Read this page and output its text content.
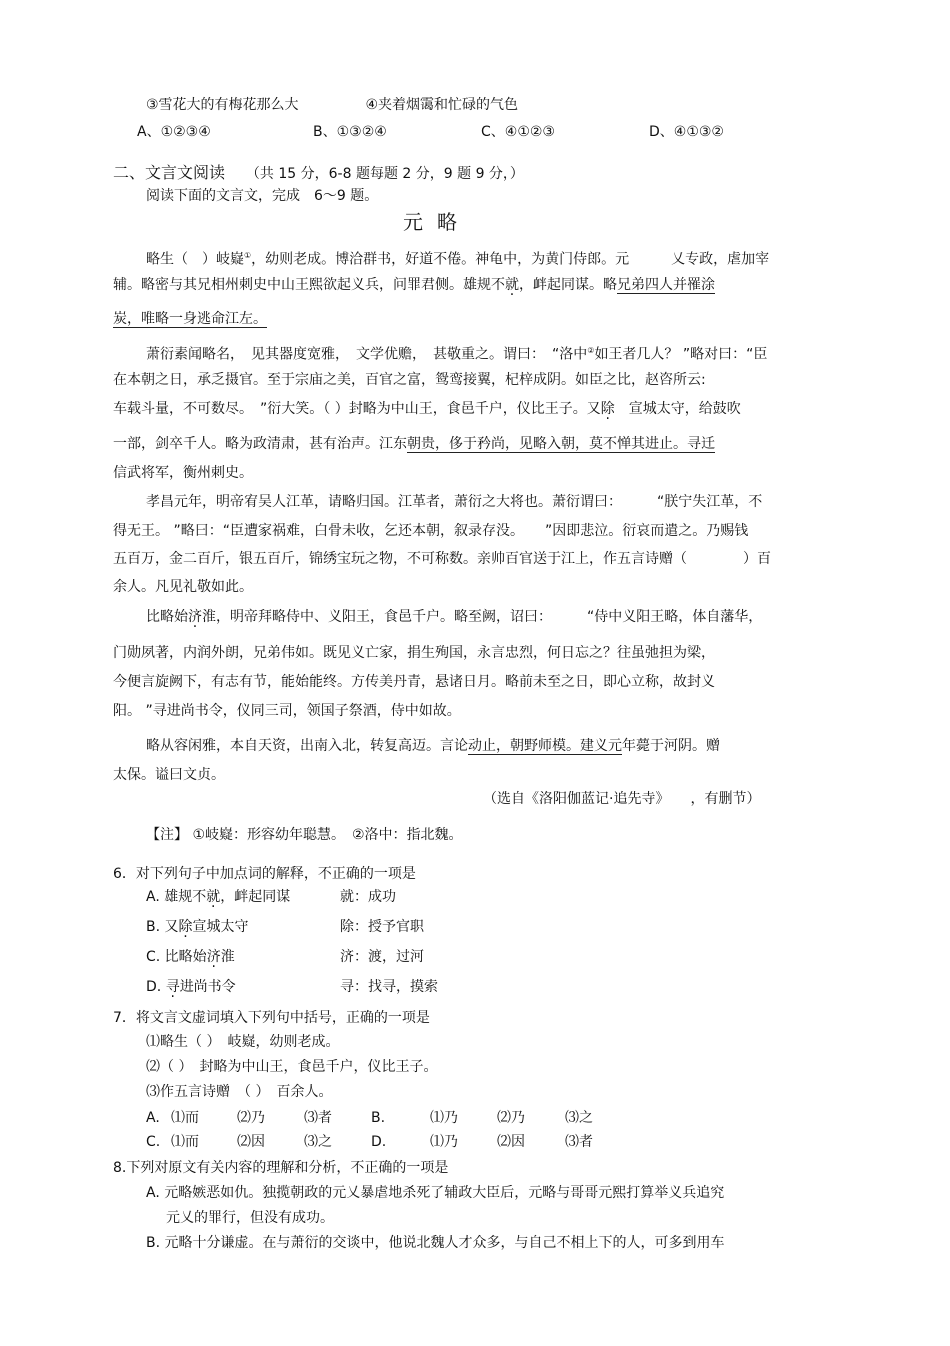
③雪花大的有梅花那么大	④夹着烟霭和忙碌的气色
A、①②③④	B、①③②④	C、④①②③	D、④①③②
二、文言文阅读 （共 15 分，6-8 题每题 2 分，9 题 9 分，）
阅读下面的文言文，完成　6～9 题。
元略
略生（　）岐嶷①，幼则老成。博洽群书，好道不倦。神龟中，为黄门侍郎。元　　　乂专政，虐加宰
辅。略密与其兄相州刺史中山王熙欲起义兵，问罪君侧。雄规不就，衅起同谋。略兄弟四人并罹涂
炭，唯略一身逃命江左。
萧衍素闻略名，　见其器度宽雅，　文学优赡，　甚敬重之。谓曰：　“洛中②如王者几人？ ”略对曰：“臣
在本朝之日，承乏摄官。至于宗庙之美，百官之富，鸳鸾接翼，杞梓成阴。如臣之比，赵咨所云:
车载斗量，不可数尽。　”衍大笑。（ ）封略为中山王，食邑千户，仪比王子。又除　宣城太守，给鼓吹
一部，剑卒千人。略为政清肃，甚有治声。江东朝贵，侈于矜尚，见略入朝，莫不惮其进止。寻迁
信武将军，衡州刺史。
孝昌元年，明帝宥吴人江革，请略归国。江革者，萧衍之大将也。萧衍谓曰：　　　“朕宁失江革，不
得无王。 ”略曰：“臣遭家祸难，白骨未收，乞还本朝，叙录存没。　　”因即悲泣。衍哀而遣之。乃赐钱
五百万，金二百斤，银五百斤，锦绣宝玩之物，不可称数。亲帅百官送于江上，作五言诗赠（　　　　）百
余人。凡见礼敬如此。
比略始济淮，明帝拜略侍中、义阳王，食邑千户。略至阙，诏曰：　　　“侍中义阳王略，体自藩华，
门勋夙著，内润外朗，兄弟伟如。既见义亡家，捐生殉国，永言忠烈，何日忘之？往虽弛担为梁，
今便言旋阙下，有志有节，能始能终。方传美丹青，悬诸日月。略前未至之日，即心立称，故封义
阳。 ”寻进尚书令，仪同三司，领国子祭酒，侍中如故。
略从容闲雅，本自天资，出南入北，转复高迈。言论动止，朝野师模。建义元年薨于河阴。赠
太保。谥曰文贞。
（选自《洛阳伽蓝记·追先寺》　　，有删节）
【注】 ①岐嶷：形容幼年聪慧。　②洛中：指北魏。
6．对下列句子中加点词的解释，不正确的一项是
A. 雄规不就，衅起同谋	就：成功
B. 又除宣城太守	除：授予官职
C. 比略始济淮	济：渡，过河
D. 寻进尚书令	寻：找寻，摸索
7．将文言文虚词填入下列句中括号，正确的一项是
⑴略生（ ）　岐嶷，幼则老成。
⑵（ ）　封略为中山王，食邑千户，仪比王子。
⑶作五言诗赠　（ ）　百余人。
A. ⑴而	⑵乃	⑶者	B.	⑴乃	⑵乃	⑶之
C. ⑴而	⑵因	⑶之	D.	⑴乃	⑵因	⑶者
8.下列对原文有关内容的理解和分析，不正确的一项是
A. 元略嫉恶如仇。独揽朝政的元乂暴虐地杀死了辅政大臣后，元略与哥哥元熙打算举义兵追究
元乂的罪行，但没有成功。
B. 元略十分谦虚。在与萧衍的交谈中，他说北魏人才众多，与自己不相上下的人，可多到用车
